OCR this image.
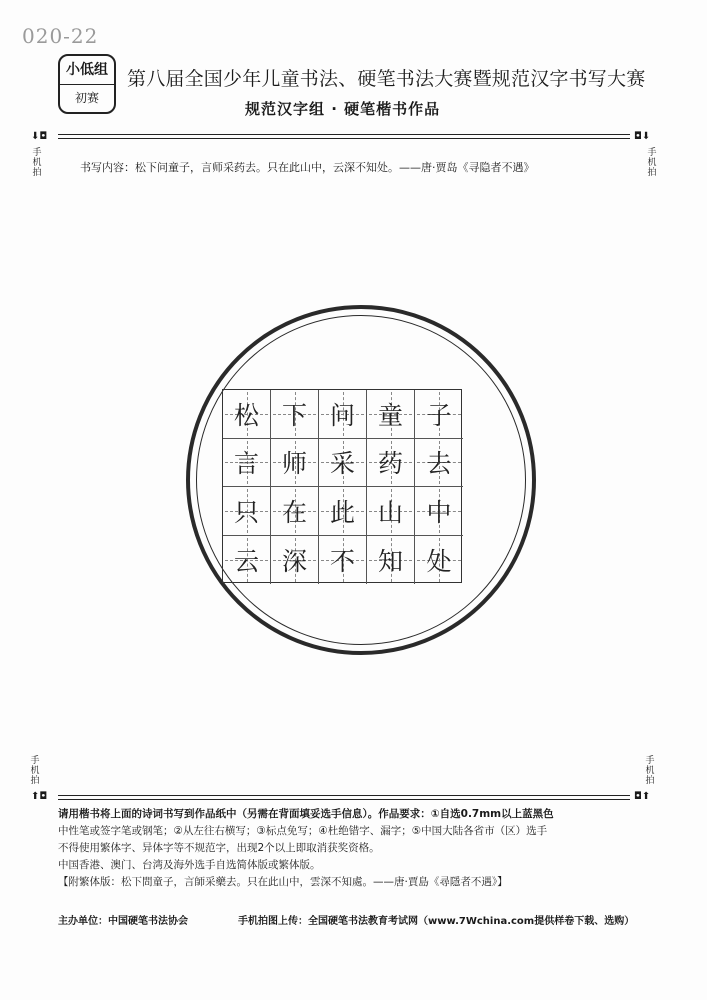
020-22
小低组
初赛
第八届全国少年儿童书法、硬笔书法大赛暨规范汉字书写大赛
规范汉字组 · 硬笔楷书作品
⬇◘	◘⬇
手机拍
手机拍
书写内容：松下问童子，言师采药去。只在此山中，云深不知处。——唐·贾岛《寻隐者不遇》
松 下 问 童 子
言 师 采 药 去
只 在 此 山 中
云 深 不 知 处
手机拍
手机拍
⬆◘	◘⬆

请用楷书将上面的诗词书写到作品纸中（另需在背面填妥选手信息）。作品要求：①自选0.7mm以上蓝黑色

中性笔或签字笔或钢笔；②从左往右横写；③标点免写；④杜绝错字、漏字；⑤中国大陆各省市（区）选手

不得使用繁体字、异体字等不规范字，出现2个以上即取消获奖资格。

中国香港、澳门、台湾及海外选手自选简体版或繁体版。

【附繁体版：松下問童子，言師采藥去。只在此山中，雲深不知處。——唐·賈島《尋隱者不遇》】

主办单位：中国硬笔书法协会	手机拍图上传：全国硬笔书法教育考试网（www.7Wchina.com提供样卷下载、选购）
